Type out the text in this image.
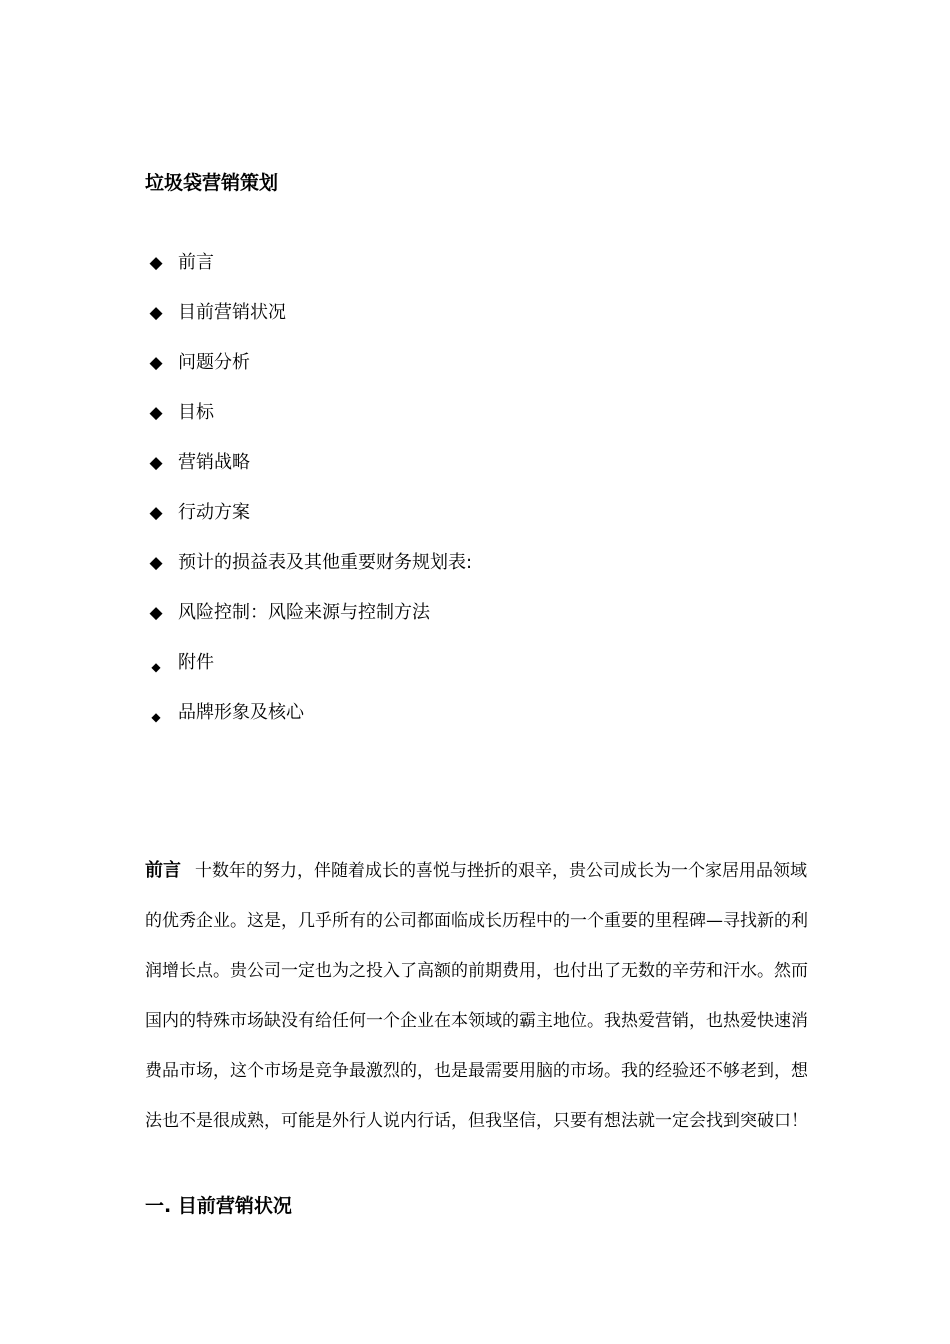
垃圾袋营销策划
◆ 前言
◆ 目前营销状况
◆ 问题分析
◆ 目标
◆ 营销战略
◆ 行动方案
◆ 预计的损益表及其他重要财务规划表:
◆ 风险控制：风险来源与控制方法
◆ 附件
◆ 品牌形象及核心

前言 十数年的努力，伴随着成长的喜悦与挫折的艰辛，贵公司成长为一个家居用品领域的优秀企业。这是，几乎所有的公司都面临成长历程中的一个重要的里程碑—寻找新的利润增长点。贵公司一定也为之投入了高额的前期费用，也付出了无数的辛劳和汗水。然而国内的特殊市场缺没有给任何一个企业在本领域的霸主地位。我热爱营销，也热爱快速消费品市场，这个市场是竞争最激烈的，也是最需要用脑的市场。我的经验还不够老到，想法也不是很成熟，可能是外行人说内行话，但我坚信，只要有想法就一定会找到突破口！

一. 目前营销状况
